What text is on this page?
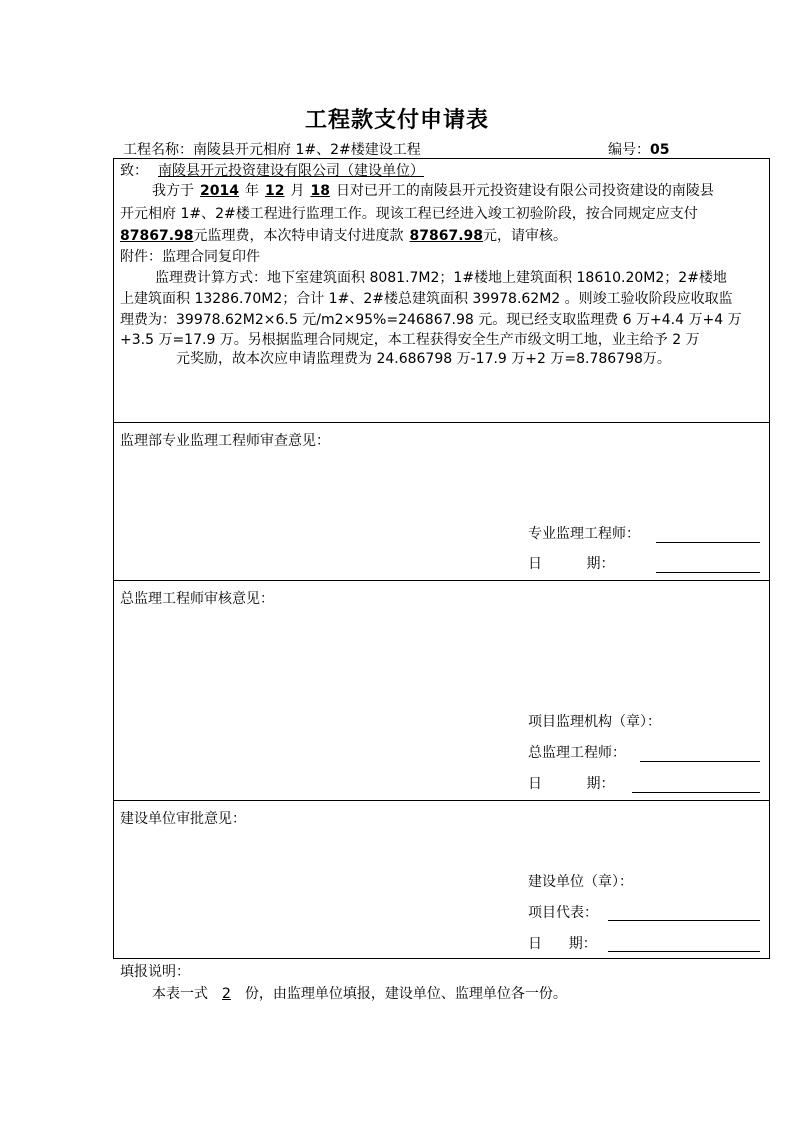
工程款支付申请表
工程名称：南陵县开元相府 1#、2#楼建设工程	编号：05
致： 南陵县开元投资建设有限公司（建设单位）
我方于 2014 年 12 月 18 日对已开工的南陵县开元投资建设有限公司投资建设的南陵县
开元相府 1#、2#楼工程进行监理工作。现该工程已经进入竣工初验阶段，按合同规定应支付
87867.98元监理费，本次特申请支付进度款 87867.98元，请审核。
附件：监理合同复印件
监理费计算方式：地下室建筑面积 8081.7M2；1#楼地上建筑面积 18610.20M2；2#楼地
上建筑面积 13286.70M2；合计 1#、2#楼总建筑面积 39978.62M2 。则竣工验收阶段应收取监
理费为：39978.62M2×6.5 元/m2×95%=246867.98 元。现已经支取监理费 6 万+4.4 万+4 万
+3.5 万=17.9 万。另根据监理合同规定，本工程获得安全生产市级文明工地，业主给予 2 万
元奖励，故本次应申请监理费为 24.686798 万-17.9 万+2 万=8.786798万。
监理部专业监理工程师审查意见：
专业监理工程师：
日          期：
总监理工程师审核意见：
项目监理机构（章）：
总监理工程师：
日          期：
建设单位审批意见：
建设单位（章）：
项目代表：
日      期：
填报说明：
本表一式 2 份，由监理单位填报，建设单位、监理单位各一份。
